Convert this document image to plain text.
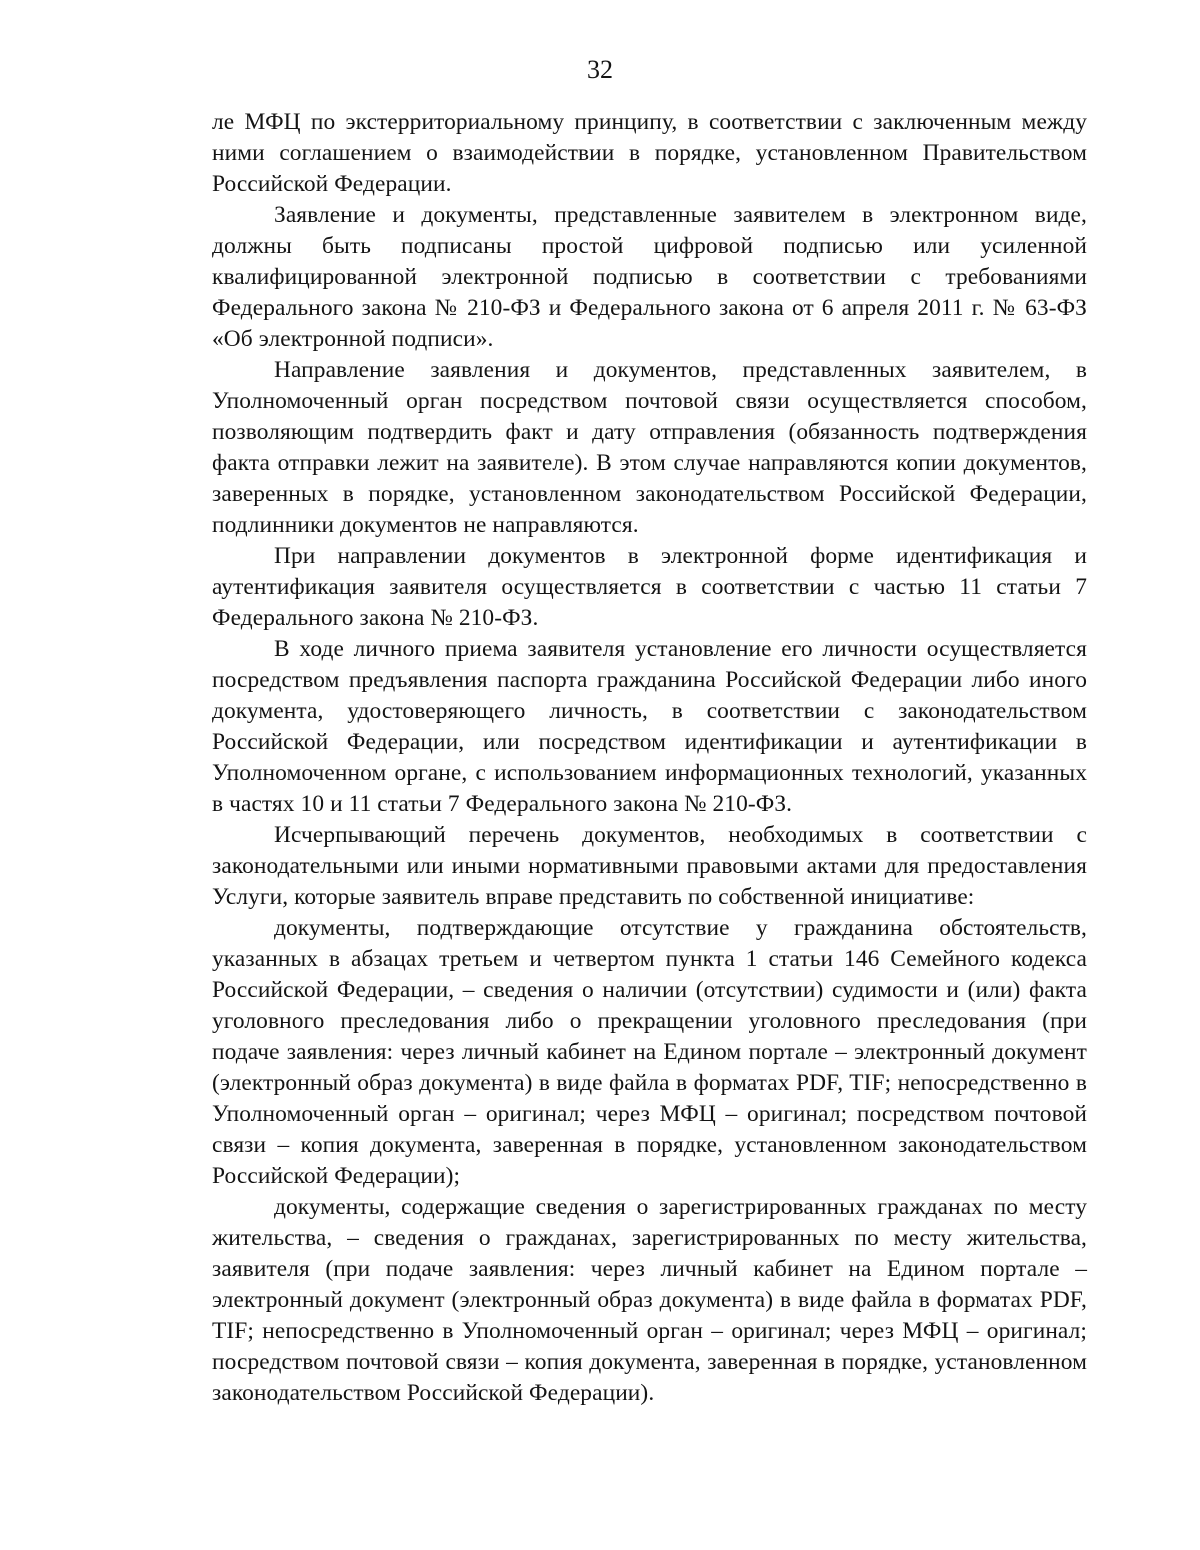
32

ле МФЦ по экстерриториальному принципу, в соответствии с заключенным между ними соглашением о взаимодействии в порядке, установленном Правительством Российской Федерации.

Заявление и документы, представленные заявителем в электронном виде, должны быть подписаны простой цифровой подписью или усиленной квалифицированной электронной подписью в соответствии с требованиями Федерального закона № 210-ФЗ и Федерального закона от 6 апреля 2011 г. № 63-ФЗ «Об электронной подписи».

Направление заявления и документов, представленных заявителем, в Уполномоченный орган посредством почтовой связи осуществляется способом, позволяющим подтвердить факт и дату отправления (обязанность подтверждения факта отправки лежит на заявителе). В этом случае направляются копии документов, заверенных в порядке, установленном законодательством Российской Федерации, подлинники документов не направляются.

При направлении документов в электронной форме идентификация и аутентификация заявителя осуществляется в соответствии с частью 11 статьи 7 Федерального закона № 210-ФЗ.

В ходе личного приема заявителя установление его личности осуществляется посредством предъявления паспорта гражданина Российской Федерации либо иного документа, удостоверяющего личность, в соответствии с законодательством Российской Федерации, или посредством идентификации и аутентификации в Уполномоченном органе, с использованием информационных технологий, указанных в частях 10 и 11 статьи 7 Федерального закона № 210-ФЗ.

Исчерпывающий перечень документов, необходимых в соответствии с законодательными или иными нормативными правовыми актами для предоставления Услуги, которые заявитель вправе представить по собственной инициативе:

документы, подтверждающие отсутствие у гражданина обстоятельств, указанных в абзацах третьем и четвертом пункта 1 статьи 146 Семейного кодекса Российской Федерации, – сведения о наличии (отсутствии) судимости и (или) факта уголовного преследования либо о прекращении уголовного преследования (при подаче заявления: через личный кабинет на Едином портале – электронный документ (электронный образ документа) в виде файла в форматах PDF, TIF; непосредственно в Уполномоченный орган – оригинал; через МФЦ – оригинал; посредством почтовой связи – копия документа, заверенная в порядке, установленном законодательством Российской Федерации);

документы, содержащие сведения о зарегистрированных гражданах по месту жительства, – сведения о гражданах, зарегистрированных по месту жительства, заявителя (при подаче заявления: через личный кабинет на Едином портале – электронный документ (электронный образ документа) в виде файла в форматах PDF, TIF; непосредственно в Уполномоченный орган – оригинал; через МФЦ – оригинал; посредством почтовой связи – копия документа, заверенная в порядке, установленном законодательством Российской Федерации).
